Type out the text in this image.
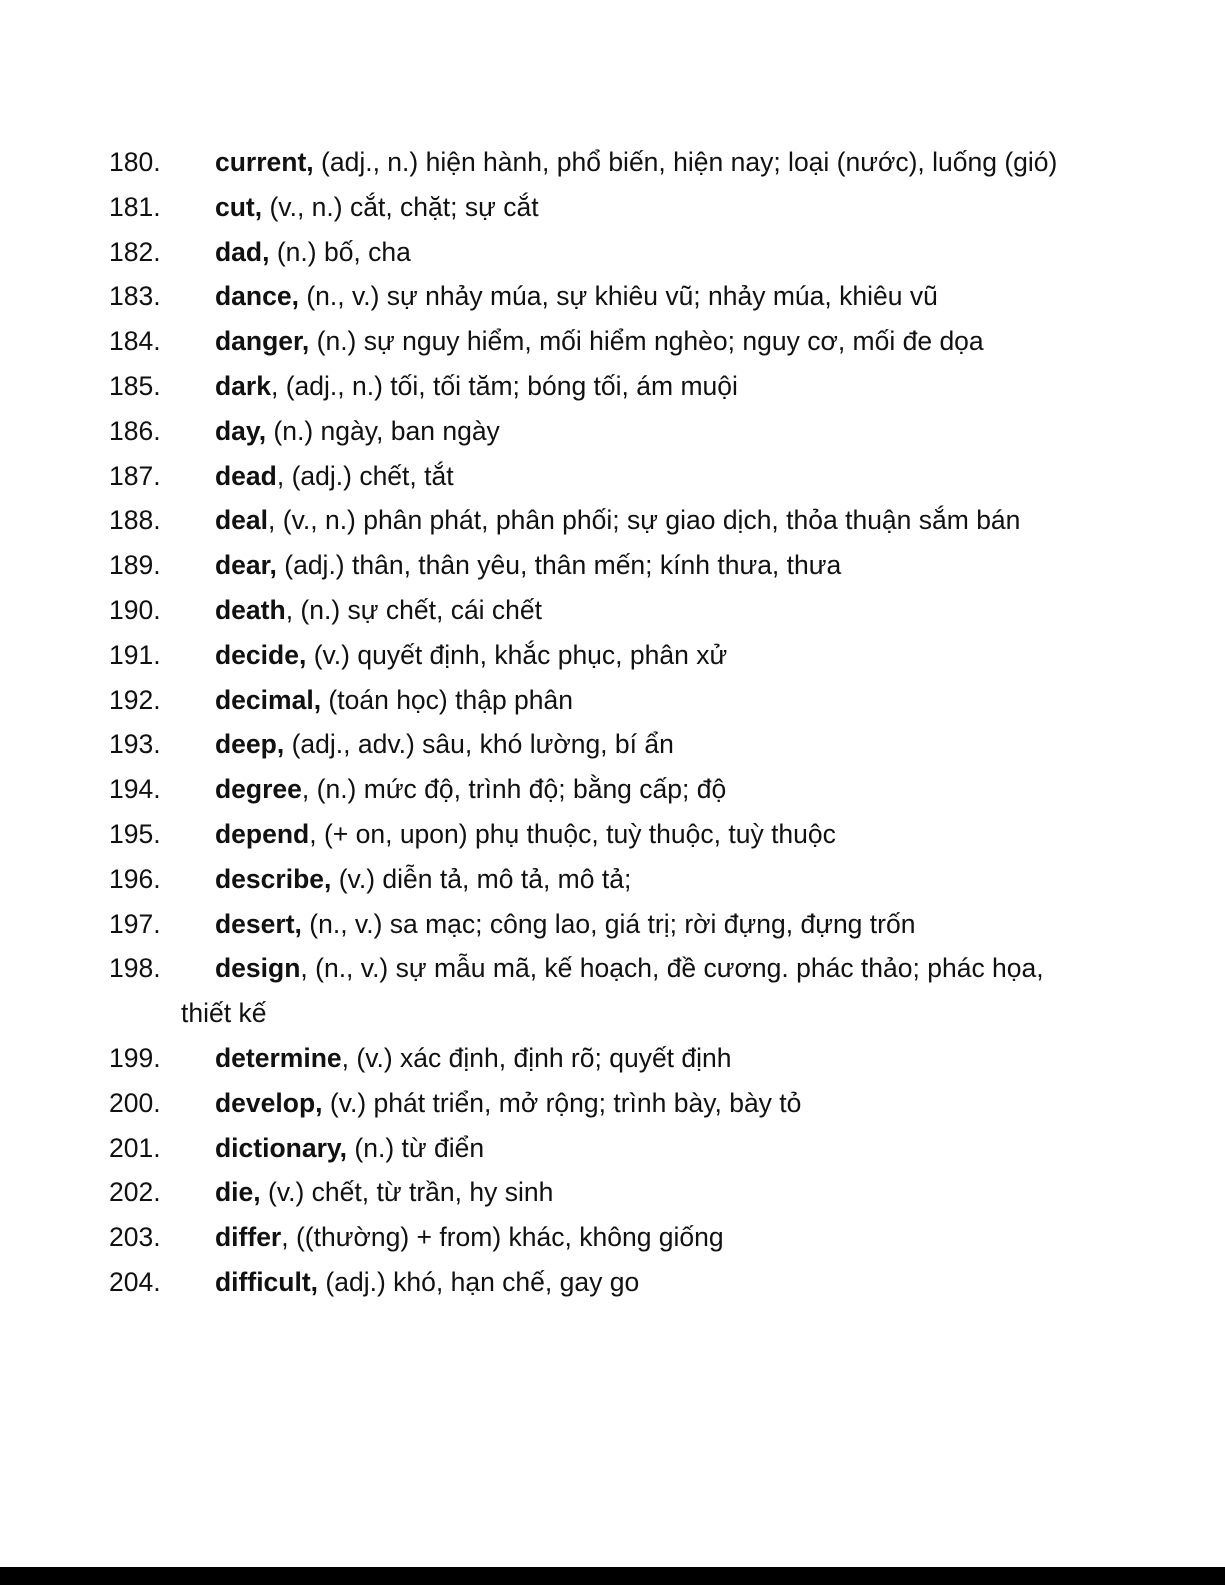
180.	current, (adj., n.) hiện hành, phổ biến, hiện nay; loại (nước), luống (gió)
181.	cut, (v., n.) cắt, chặt; sự cắt
182.	dad, (n.) bố, cha
183.	dance, (n., v.) sự nhảy múa, sự khiêu vũ; nhảy múa, khiêu vũ
184.	danger, (n.) sự nguy hiểm, mối hiểm nghèo; nguy cơ, mối đe dọa
185.	dark, (adj., n.) tối, tối tăm; bóng tối, ám muội
186.	day, (n.) ngày, ban ngày
187.	dead, (adj.) chết, tắt
188.	deal, (v., n.) phân phát, phân phối; sự giao dịch, thỏa thuận sắm bán
189.	dear, (adj.) thân, thân yêu, thân mến; kính thưa, thưa
190.	death, (n.) sự chết, cái chết
191.	decide, (v.) quyết định, khắc phục, phân xử
192.	decimal, (toán học) thập phân
193.	deep, (adj., adv.) sâu, khó lường, bí ẩn
194.	degree, (n.) mức độ, trình độ; bằng cấp; độ
195.	depend, (+ on, upon) phụ thuộc, tuỳ thuộc, tuỳ thuộc
196.	describe, (v.) diễn tả, mô tả, mô tả;
197.	desert, (n., v.) sa mạc; công lao, giá trị; rời đựng, đựng trốn
198.	design, (n., v.) sự mẫu mã, kế hoạch, đề cương. phác thảo; phác họa, thiết kế
199.	determine, (v.) xác định, định rõ; quyết định
200.	develop, (v.) phát triển, mở rộng; trình bày, bày tỏ
201.	dictionary, (n.) từ điển
202.	die, (v.) chết, từ trần, hy sinh
203.	differ, ((thường) + from) khác, không giống
204.	difficult, (adj.) khó, hạn chế, gay go
